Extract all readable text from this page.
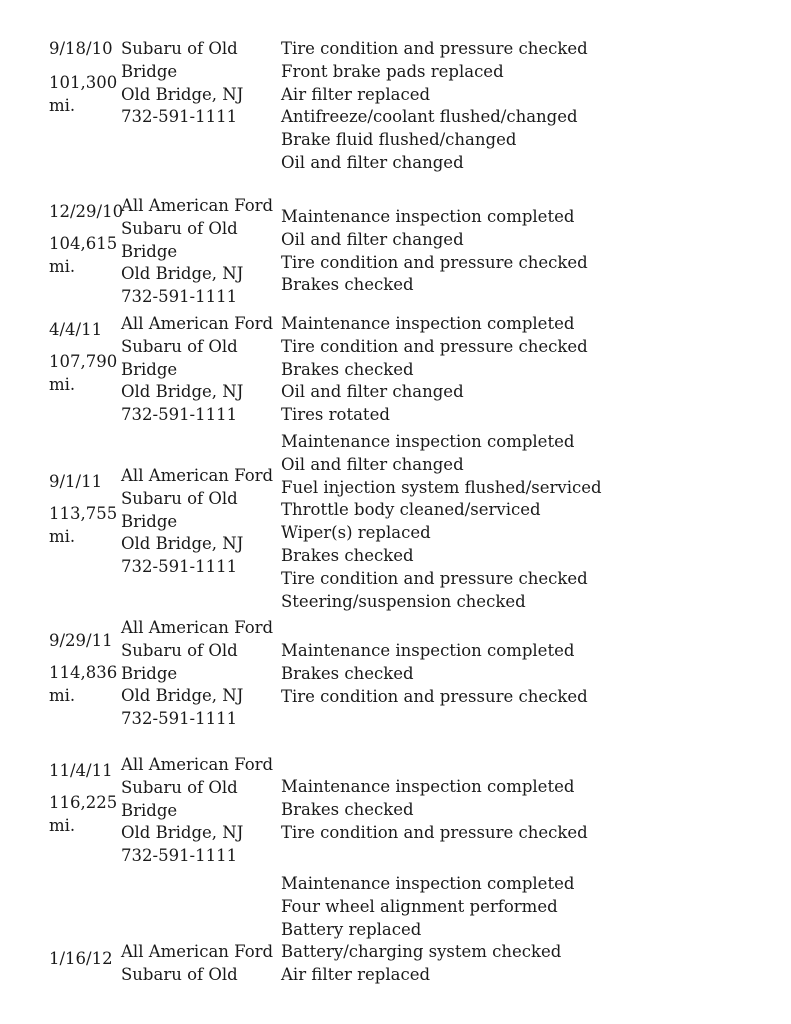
9/18/10
101,300
mi.
Subaru of Old
Bridge
Old Bridge, NJ
732-591-1111
Tire condition and pressure checked
Front brake pads replaced
Air filter replaced
Antifreeze/coolant flushed/changed
Brake fluid flushed/changed
Oil and filter changed
12/29/10
104,615
mi.
All American Ford
Subaru of Old
Bridge
Old Bridge, NJ
732-591-1111
Maintenance inspection completed
Oil and filter changed
Tire condition and pressure checked
Brakes checked
4/4/11
107,790
mi.
All American Ford
Subaru of Old
Bridge
Old Bridge, NJ
732-591-1111
Maintenance inspection completed
Tire condition and pressure checked
Brakes checked
Oil and filter changed
Tires rotated
9/1/11
113,755
mi.
All American Ford
Subaru of Old
Bridge
Old Bridge, NJ
732-591-1111
Maintenance inspection completed
Oil and filter changed
Fuel injection system flushed/serviced
Throttle body cleaned/serviced
Wiper(s) replaced
Brakes checked
Tire condition and pressure checked
Steering/suspension checked
9/29/11
114,836
mi.
All American Ford
Subaru of Old
Bridge
Old Bridge, NJ
732-591-1111
Maintenance inspection completed
Brakes checked
Tire condition and pressure checked
11/4/11
116,225
mi.
All American Ford
Subaru of Old
Bridge
Old Bridge, NJ
732-591-1111
Maintenance inspection completed
Brakes checked
Tire condition and pressure checked
1/16/12 All American Ford
Subaru of Old
Maintenance inspection completed
Four wheel alignment performed
Battery replaced
Battery/charging system checked
Air filter replaced
